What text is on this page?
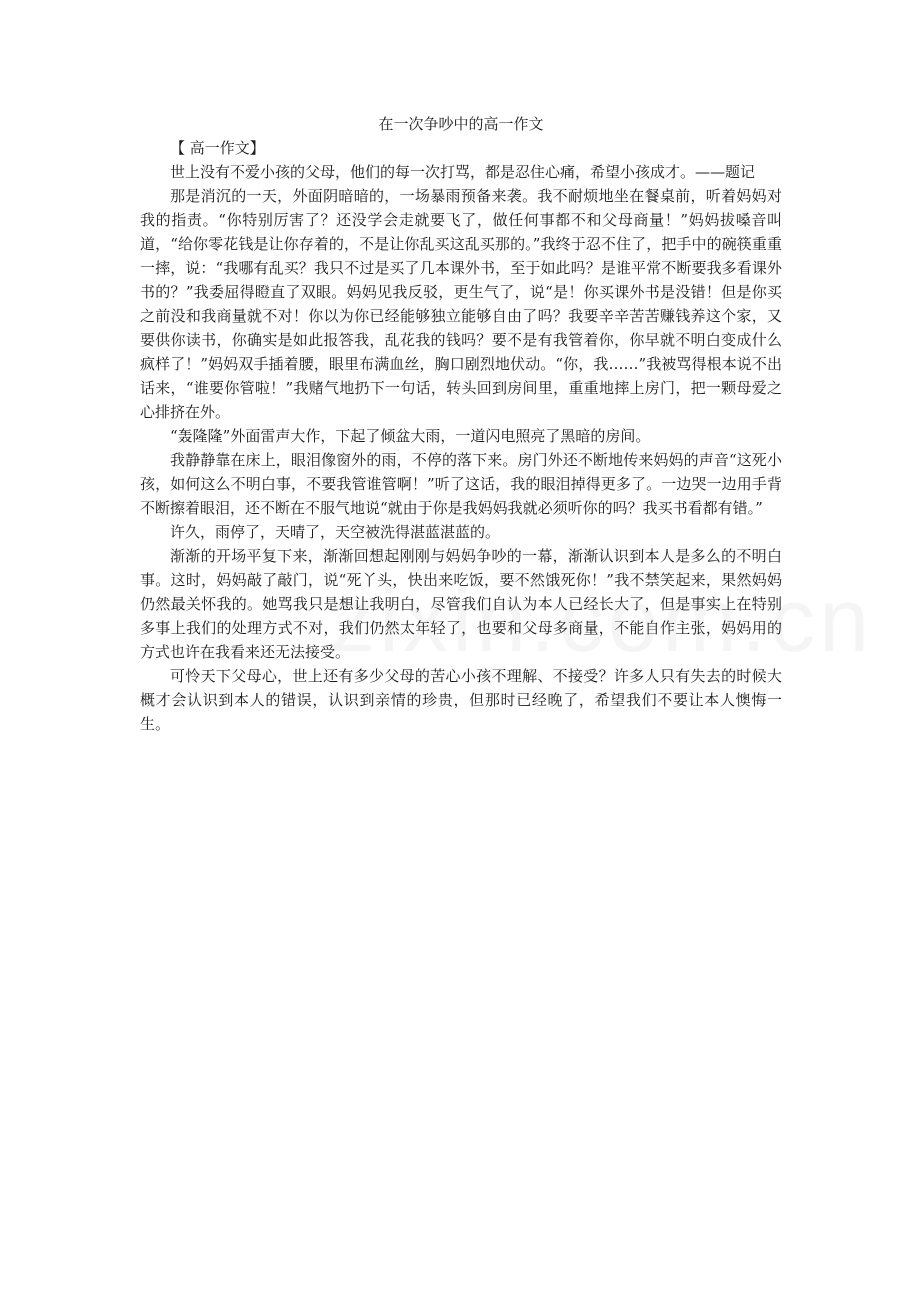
在一次争吵中的高一作文

【 高一作文】

世上没有不爱小孩的父母，他们的每一次打骂，都是忍住心痛，希望小孩成才。——题记

那是消沉的一天，外面阴暗暗的，一场暴雨预备来袭。我不耐烦地坐在餐桌前，听着妈妈对我的指责。“你特别厉害了？还没学会走就要飞了，做任何事都不和父母商量！”妈妈拔嗓音叫道，“给你零花钱是让你存着的，不是让你乱买这乱买那的。”我终于忍不住了，把手中的碗筷重重一摔，说：“我哪有乱买？我只不过是买了几本课外书，至于如此吗？是谁平常不断要我多看课外书的？”我委屈得瞪直了双眼。妈妈见我反驳，更生气了，说“是！你买课外书是没错！但是你买之前没和我商量就不对！你以为你已经能够独立能够自由了吗？我要辛辛苦苦赚钱养这个家，又要供你读书，你确实是如此报答我，乱花我的钱吗？要不是有我管着你，你早就不明白变成什么疯样了！”妈妈双手插着腰，眼里布满血丝，胸口剧烈地伏动。“你，我……”我被骂得根本说不出话来，“谁要你管啦！”我赌气地扔下一句话，转头回到房间里，重重地摔上房门，把一颗母爱之心排挤在外。

“轰隆隆”外面雷声大作，下起了倾盆大雨，一道闪电照亮了黑暗的房间。

我静静靠在床上，眼泪像窗外的雨，不停的落下来。房门外还不断地传来妈妈的声音“这死小孩，如何这么不明白事，不要我管谁管啊！”听了这话，我的眼泪掉得更多了。一边哭一边用手背不断擦着眼泪，还不断在不服气地说“就由于你是我妈妈我就必须听你的吗？我买书看都有错。”

许久，雨停了，天晴了，天空被洗得湛蓝湛蓝的。

渐渐的开场平复下来，渐渐回想起刚刚与妈妈争吵的一幕，渐渐认识到本人是多么的不明白事。这时，妈妈敲了敲门，说“死丫头，快出来吃饭，要不然饿死你！”我不禁笑起来，果然妈妈仍然最关怀我的。她骂我只是想让我明白，尽管我们自认为本人已经长大了，但是事实上在特别多事上我们的处理方式不对，我们仍然太年轻了，也要和父母多商量，不能自作主张，妈妈用的方式也许在我看来还无法接受。

可怜天下父母心，世上还有多少父母的苦心小孩不理解、不接受？许多人只有失去的时候大概才会认识到本人的错误，认识到亲情的珍贵，但那时已经晚了，希望我们不要让本人懊悔一生。
